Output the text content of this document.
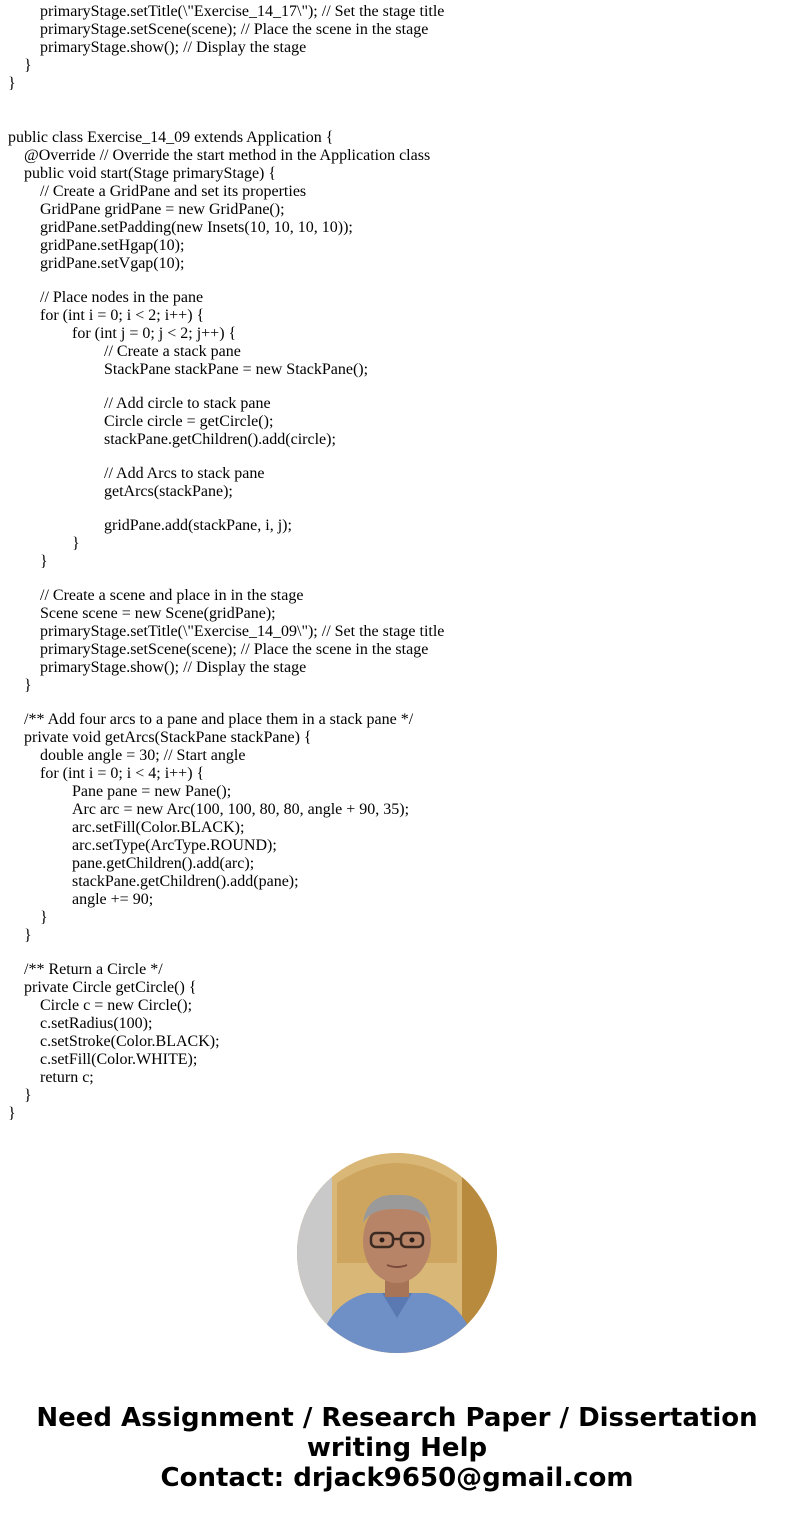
primaryStage.setTitle(\"Exercise_14_17\"); // Set the stage title
primaryStage.setScene(scene); // Place the scene in the stage
primaryStage.show(); // Display the stage
}
}
public class Exercise_14_09 extends Application {
@Override // Override the start method in the Application class
public void start(Stage primaryStage) {
// Create a GridPane and set its properties
GridPane gridPane = new GridPane();
gridPane.setPadding(new Insets(10, 10, 10, 10));
gridPane.setHgap(10);
gridPane.setVgap(10);
// Place nodes in the pane
for (int i = 0; i < 2; i++) {
for (int j = 0; j < 2; j++) {
// Create a stack pane
StackPane stackPane = new StackPane();
// Add circle to stack pane
Circle circle = getCircle();
stackPane.getChildren().add(circle);
// Add Arcs to stack pane
getArcs(stackPane);
gridPane.add(stackPane, i, j);
}
}
// Create a scene and place in in the stage
Scene scene = new Scene(gridPane);
primaryStage.setTitle(\"Exercise_14_09\"); // Set the stage title
primaryStage.setScene(scene); // Place the scene in the stage
primaryStage.show(); // Display the stage
}
/** Add four arcs to a pane and place them in a stack pane */
private void getArcs(StackPane stackPane) {
double angle = 30; // Start angle
for (int i = 0; i < 4; i++) {
Pane pane = new Pane();
Arc arc = new Arc(100, 100, 80, 80, angle + 90, 35);
arc.setFill(Color.BLACK);
arc.setType(ArcType.ROUND);
pane.getChildren().add(arc);
stackPane.getChildren().add(pane);
angle += 90;
}
}
/** Return a Circle */
private Circle getCircle() {
Circle c = new Circle();
c.setRadius(100);
c.setStroke(Color.BLACK);
c.setFill(Color.WHITE);
return c;
}
}
Need Assignment / Research Paper / Dissertation
writing Help
Contact: drjack9650@gmail.com
